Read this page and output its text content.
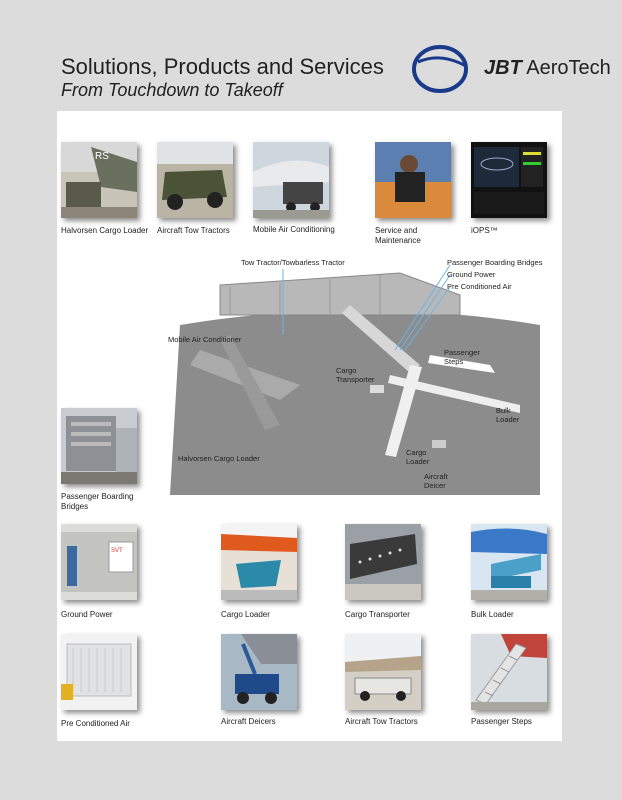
Solutions, Products and Services
From Touchdown to Takeoff
JBT AeroTech
RS
Halvorsen Cargo Loader	Aircraft Tow Tractors	Mobile Air Conditioning	Service and Maintenance
iOPS™
Passenger Boarding Bridges
Tow Tractor/Towbarless Tractor	Passenger Boarding Bridges
Ground Power
Pre Conditioned Air
Mobile Air Conditioner
Passenger Steps
Cargo Transporter
Bulk Loader
Cargo Loader
Aircraft Deicer
Halvorsen Cargo Loader
SVT
Ground Power	Cargo Loader	Cargo Transporter	Bulk Loader
Pre Conditioned Air	Aircraft Deicers	Aircraft Tow Tractors	Passenger Steps
